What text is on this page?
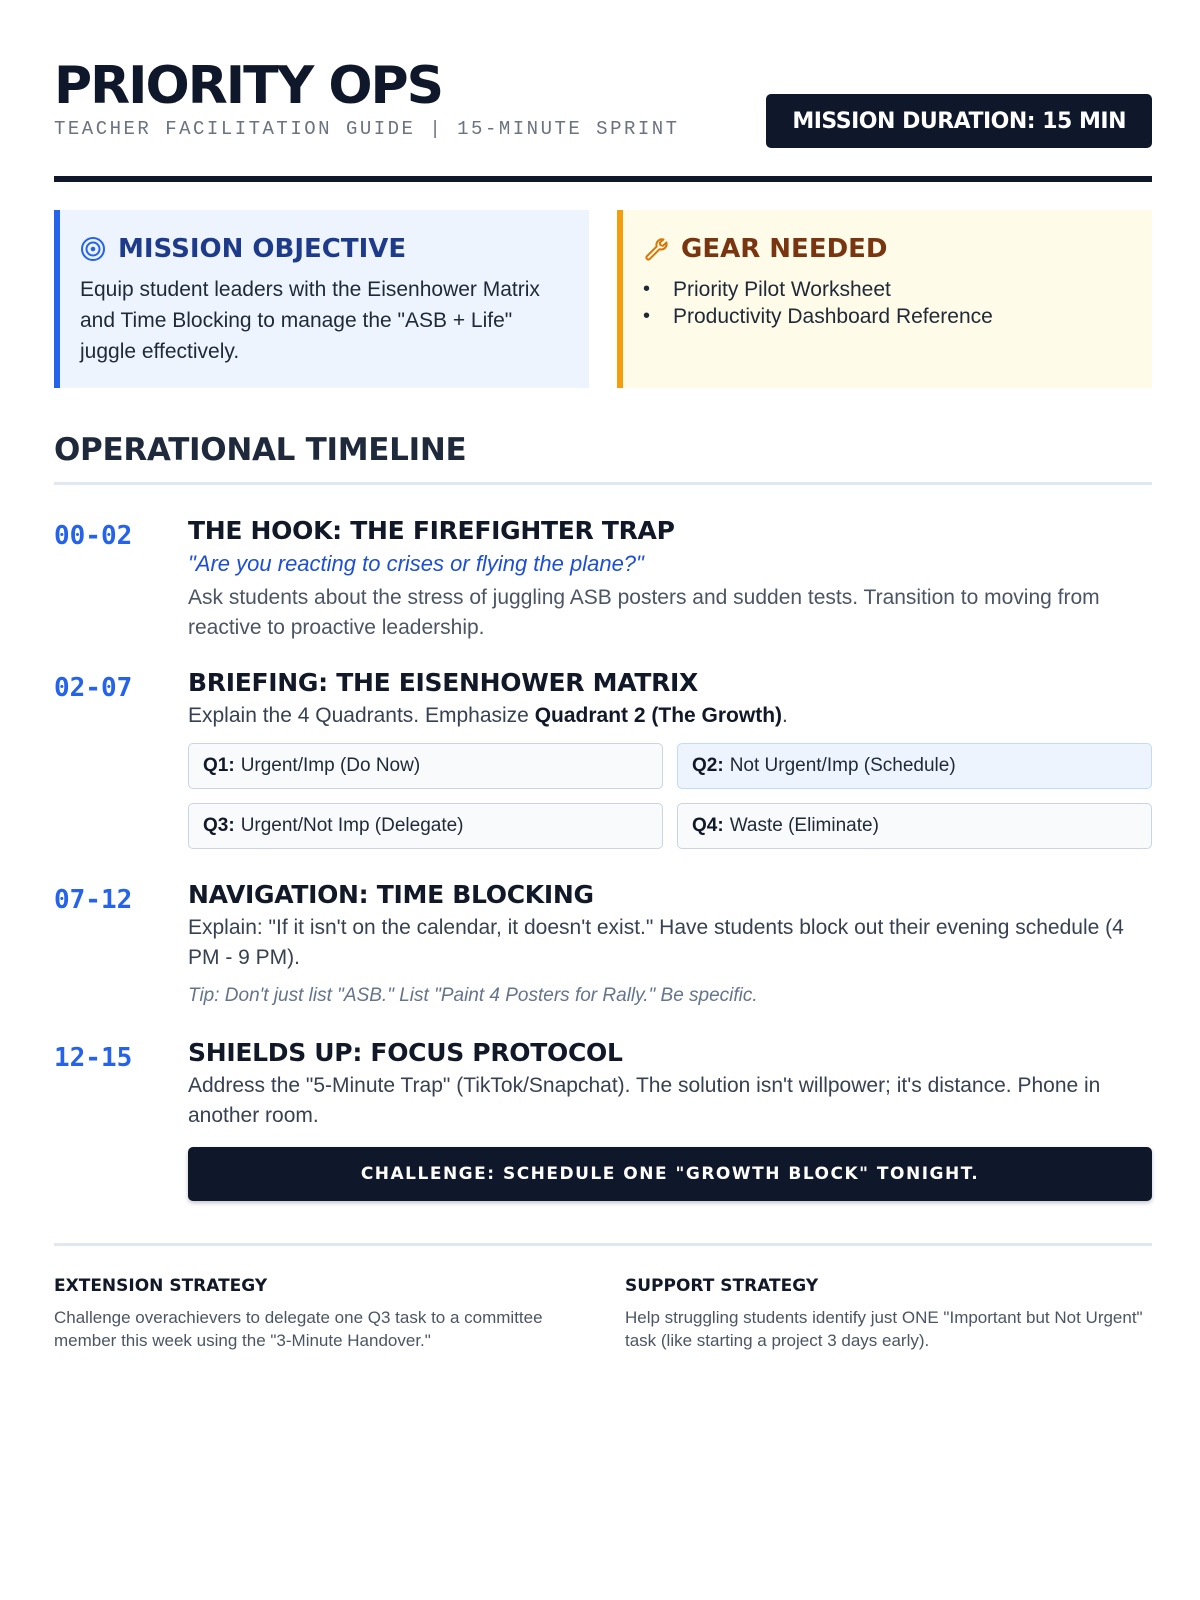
PRIORITY OPS
TEACHER FACILITATION GUIDE | 15-MINUTE SPRINT	MISSION DURATION: 15 MIN
MISSION OBJECTIVE
Equip student leaders with the Eisenhower Matrix and Time Blocking to manage the "ASB + Life" juggle effectively.
GEAR NEEDED
• Priority Pilot Worksheet
• Productivity Dashboard Reference
OPERATIONAL TIMELINE
00-02	THE HOOK: THE FIREFIGHTER TRAP
"Are you reacting to crises or flying the plane?"
Ask students about the stress of juggling ASB posters and sudden tests. Transition to moving from reactive to proactive leadership.
02-07	BRIEFING: THE EISENHOWER MATRIX
Explain the 4 Quadrants. Emphasize Quadrant 2 (The Growth).
Q1: Urgent/Imp (Do Now)	Q2: Not Urgent/Imp (Schedule)
Q3: Urgent/Not Imp (Delegate)	Q4: Waste (Eliminate)
07-12	NAVIGATION: TIME BLOCKING
Explain: "If it isn't on the calendar, it doesn't exist." Have students block out their evening schedule (4 PM - 9 PM).
Tip: Don't just list "ASB." List "Paint 4 Posters for Rally." Be specific.
12-15	SHIELDS UP: FOCUS PROTOCOL
Address the "5-Minute Trap" (TikTok/Snapchat). The solution isn't willpower; it's distance. Phone in another room.
CHALLENGE: SCHEDULE ONE "GROWTH BLOCK" TONIGHT.
EXTENSION STRATEGY
Challenge overachievers to delegate one Q3 task to a committee member this week using the "3-Minute Handover."
SUPPORT STRATEGY
Help struggling students identify just ONE "Important but Not Urgent" task (like starting a project 3 days early).
